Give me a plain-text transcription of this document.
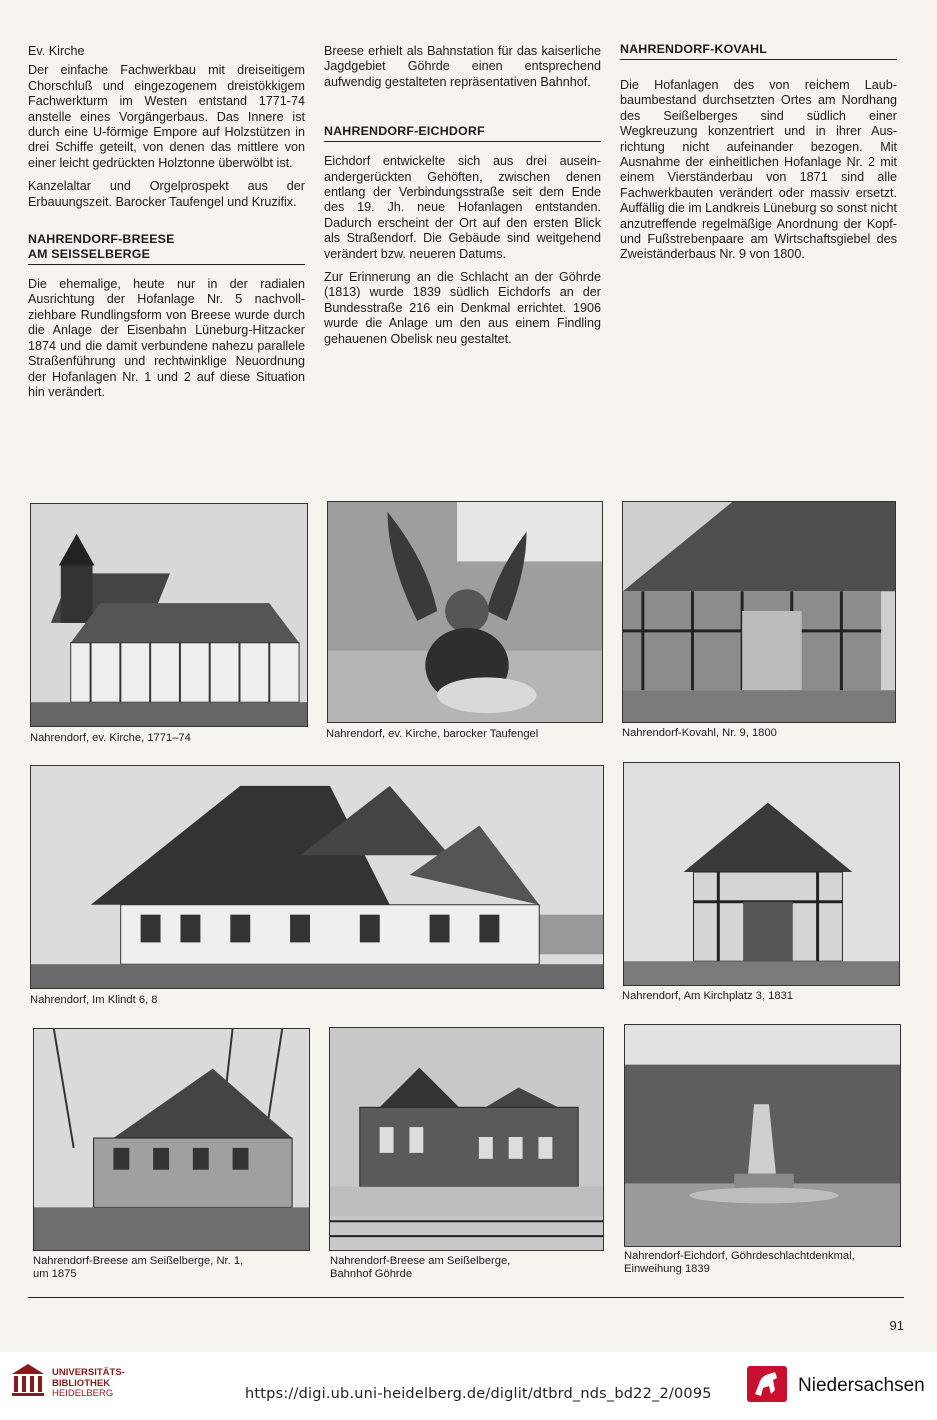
Ev. Kirche

Der einfache Fachwerkbau mit dreiseitigem Chorschluß und eingezogenem dreistökkigem Fachwerkturm im Westen entstand 1771-74 anstelle eines Vorgängerbaus. Das Innere ist durch eine U-förmige Empore auf Holzstützen in drei Schiffe geteilt, von denen das mittlere von einer leicht gedrückten Holztonne überwölbt ist.

Kanzelaltar und Orgelprospekt aus der Erbauungszeit. Barocker Taufengel und Kruzifix.

NAHRENDORF-BREESE
AM SEISSELBERGE

Die ehemalige, heute nur in der radialen Ausrichtung der Hofanlage Nr. 5 nachvollziehbare Rundlingsform von Breese wurde durch die Anlage der Eisenbahn Lüneburg-Hitzacker 1874 und die damit verbundene nahezu parallele Straßenführung und rechtwinklige Neuordnung der Hofanlagen Nr. 1 und 2 auf diese Situation hin verändert.

Breese erhielt als Bahnstation für das kaiserliche Jagdgebiet Göhrde einen entsprechend aufwendig gestalteten repräsentativen Bahnhof.

NAHRENDORF-EICHDORF

Eichdorf entwickelte sich aus drei auseinandergerückten Gehöften, zwischen denen entlang der Verbindungsstraße seit dem Ende des 19. Jh. neue Hofanlagen entstanden. Dadurch erscheint der Ort auf den ersten Blick als Straßendorf. Die Gebäude sind weitgehend verändert bzw. neueren Datums.

Zur Erinnerung an die Schlacht an der Göhrde (1813) wurde 1839 südlich Eichdorfs an der Bundesstraße 216 ein Denkmal errichtet. 1906 wurde die Anlage um den aus einem Findling gehauenen Obelisk neu gestaltet.

NAHRENDORF-KOVAHL

Die Hofanlagen des von reichem Laubbaumbestand durchsetzten Ortes am Nordhang des Seißelberges sind südlich einer Wegkreuzung konzentriert und in ihrer Ausrichtung nicht aufeinander bezogen. Mit Ausnahme der einheitlichen Hofanlage Nr. 2 mit einem Vierständerbau von 1871 sind alle Fachwerkbauten verändert oder massiv ersetzt. Auffällig die im Landkreis Lüneburg so sonst nicht anzutreffende regelmäßige Anordnung der Kopf- und Fußstrebenpaare am Wirtschaftsgiebel des Zweiständerbaus Nr. 9 von 1800.

Nahrendorf, ev. Kirche, 1771–74	Nahrendorf, ev. Kirche, barocker Taufengel	Nahrendorf-Kovahl, Nr. 9, 1800
Nahrendorf, Im Klindt 6, 8	Nahrendorf, Am Kirchplatz 3, 1831
Nahrendorf-Breese am Seißelberge, Nr. 1,
um 1875
Nahrendorf-Breese am Seißelberge,
Bahnhof Göhrde
Nahrendorf-Eichdorf, Göhrdeschlachtdenkmal,
Einweihung 1839
91
UNIVERSITÄTS-
BIBLIOTHEK
HEIDELBERG	https://digi.ub.uni-heidelberg.de/diglit/dtbrd_nds_bd22_2/0095	Niedersachsen
